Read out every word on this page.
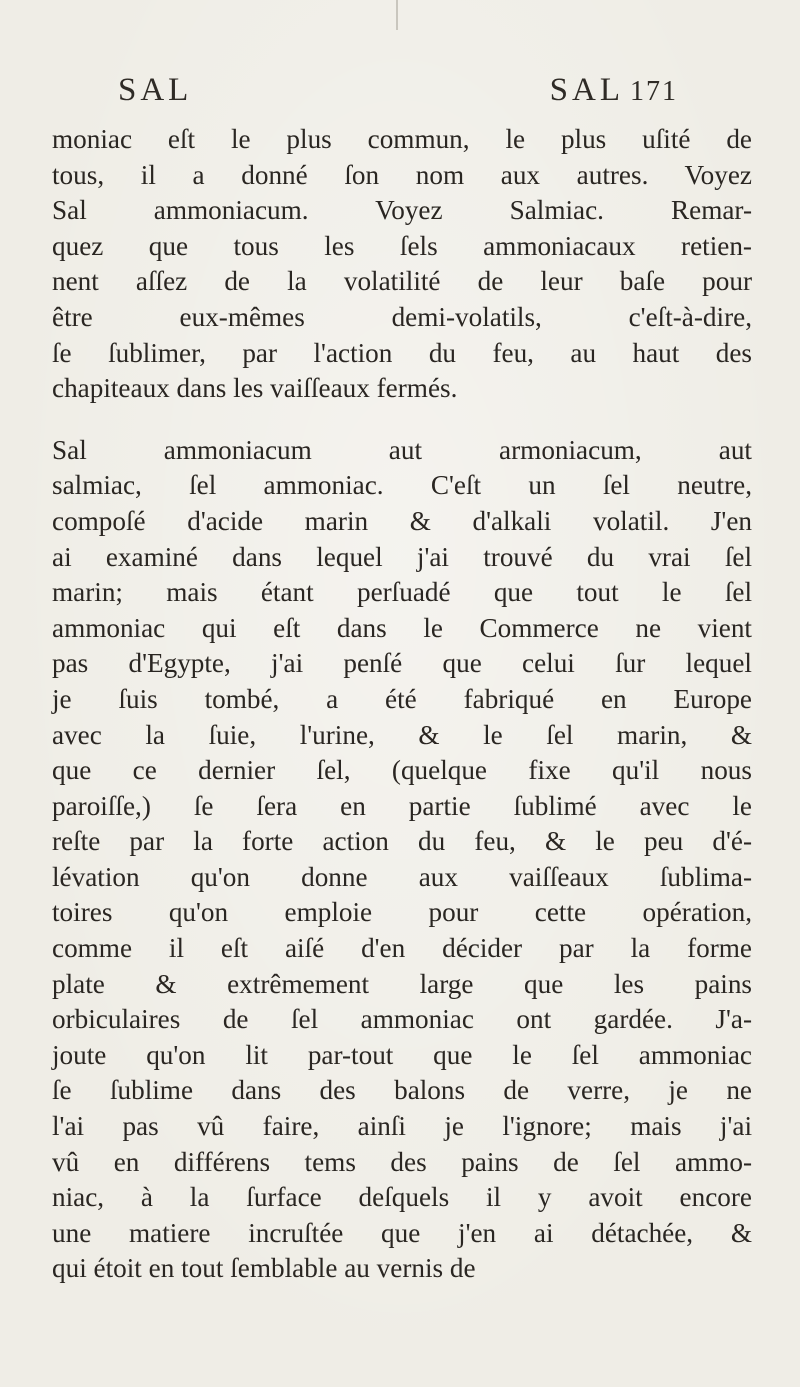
SAL	SAL 171
moniac eſt le plus commun, le plus uſité de
tous, il a donné ſon nom aux autres. Voyez
Sal ammoniacum. Voyez Salmiac. Remar-
quez que tous les ſels ammoniacaux retien-
nent aſſez de la volatilité de leur baſe pour
être eux-mêmes demi-volatils, c'eſt-à-dire,
ſe ſublimer, par l'action du feu, au haut des
chapiteaux dans les vaiſſeaux fermés.
Sal ammoniacum aut armoniacum, aut
salmiac, ſel ammoniac. C'eſt un ſel neutre,
compoſé d'acide marin & d'alkali volatil. J'en
ai examiné dans lequel j'ai trouvé du vrai ſel
marin; mais étant perſuadé que tout le ſel
ammoniac qui eſt dans le Commerce ne vient
pas d'Egypte, j'ai penſé que celui ſur lequel
je ſuis tombé, a été fabriqué en Europe
avec la ſuie, l'urine, & le ſel marin, &
que ce dernier ſel, (quelque fixe qu'il nous
paroiſſe,) ſe ſera en partie ſublimé avec le
reſte par la forte action du feu, & le peu d'é-
lévation qu'on donne aux vaiſſeaux ſublima-
toires qu'on emploie pour cette opération,
comme il eſt aiſé d'en décider par la forme
plate & extrêmement large que les pains
orbiculaires de ſel ammoniac ont gardée. J'a-
joute qu'on lit par-tout que le ſel ammoniac
ſe ſublime dans des balons de verre, je ne
l'ai pas vû faire, ainſi je l'ignore; mais j'ai
vû en différens tems des pains de ſel ammo-
niac, à la ſurface deſquels il y avoit encore
une matiere incruſtée que j'en ai détachée, &
qui étoit en tout ſemblable au vernis de
